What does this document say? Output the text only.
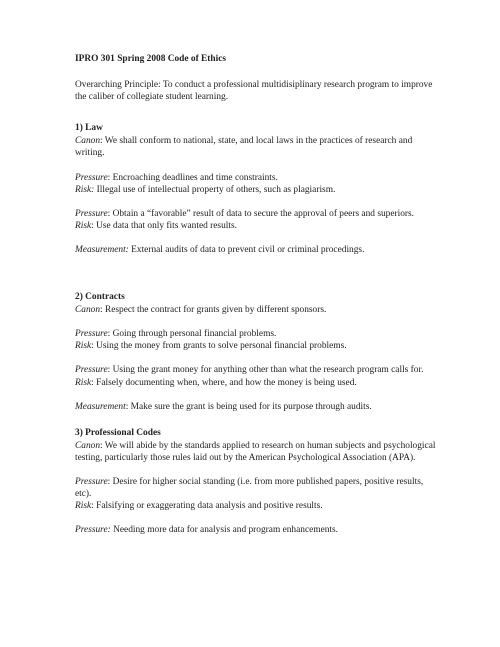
IPRO 301 Spring 2008 Code of Ethics
Overarching Principle: To conduct a professional multidisiplinary research program to improve the caliber of collegiate student learning.
1) Law
Canon: We shall conform to national, state, and local laws in the practices of research and writing.
Pressure: Encroaching deadlines and time constraints.
Risk: Illegal use of intellectual property of others, such as plagiarism.
Pressure: Obtain a “favorable” result of data to secure the approval of peers and superiors.
Risk: Use data that only fits wanted results.
Measurement: External audits of data to prevent civil or criminal procedings.
2) Contracts
Canon: Respect the contract for grants given by different sponsors.
Pressure: Going through personal financial problems.
Risk: Using the money from grants to solve personal financial problems.
Pressure: Using the grant money for anything other than what the research program calls for.
Risk: Falsely documenting when, where, and how the money is being used.
Measurement: Make sure the grant is being used for its purpose through audits.
3) Professional Codes
Canon: We will abide by the standards applied to research on human subjects and psychological testing, particularly those rules laid out by the American Psychological Association (APA).
Pressure: Desire for higher social standing (i.e. from more published papers, positive results, etc).
Risk: Falsifying or exaggerating data analysis and positive results.
Pressure: Needing more data for analysis and program enhancements.
